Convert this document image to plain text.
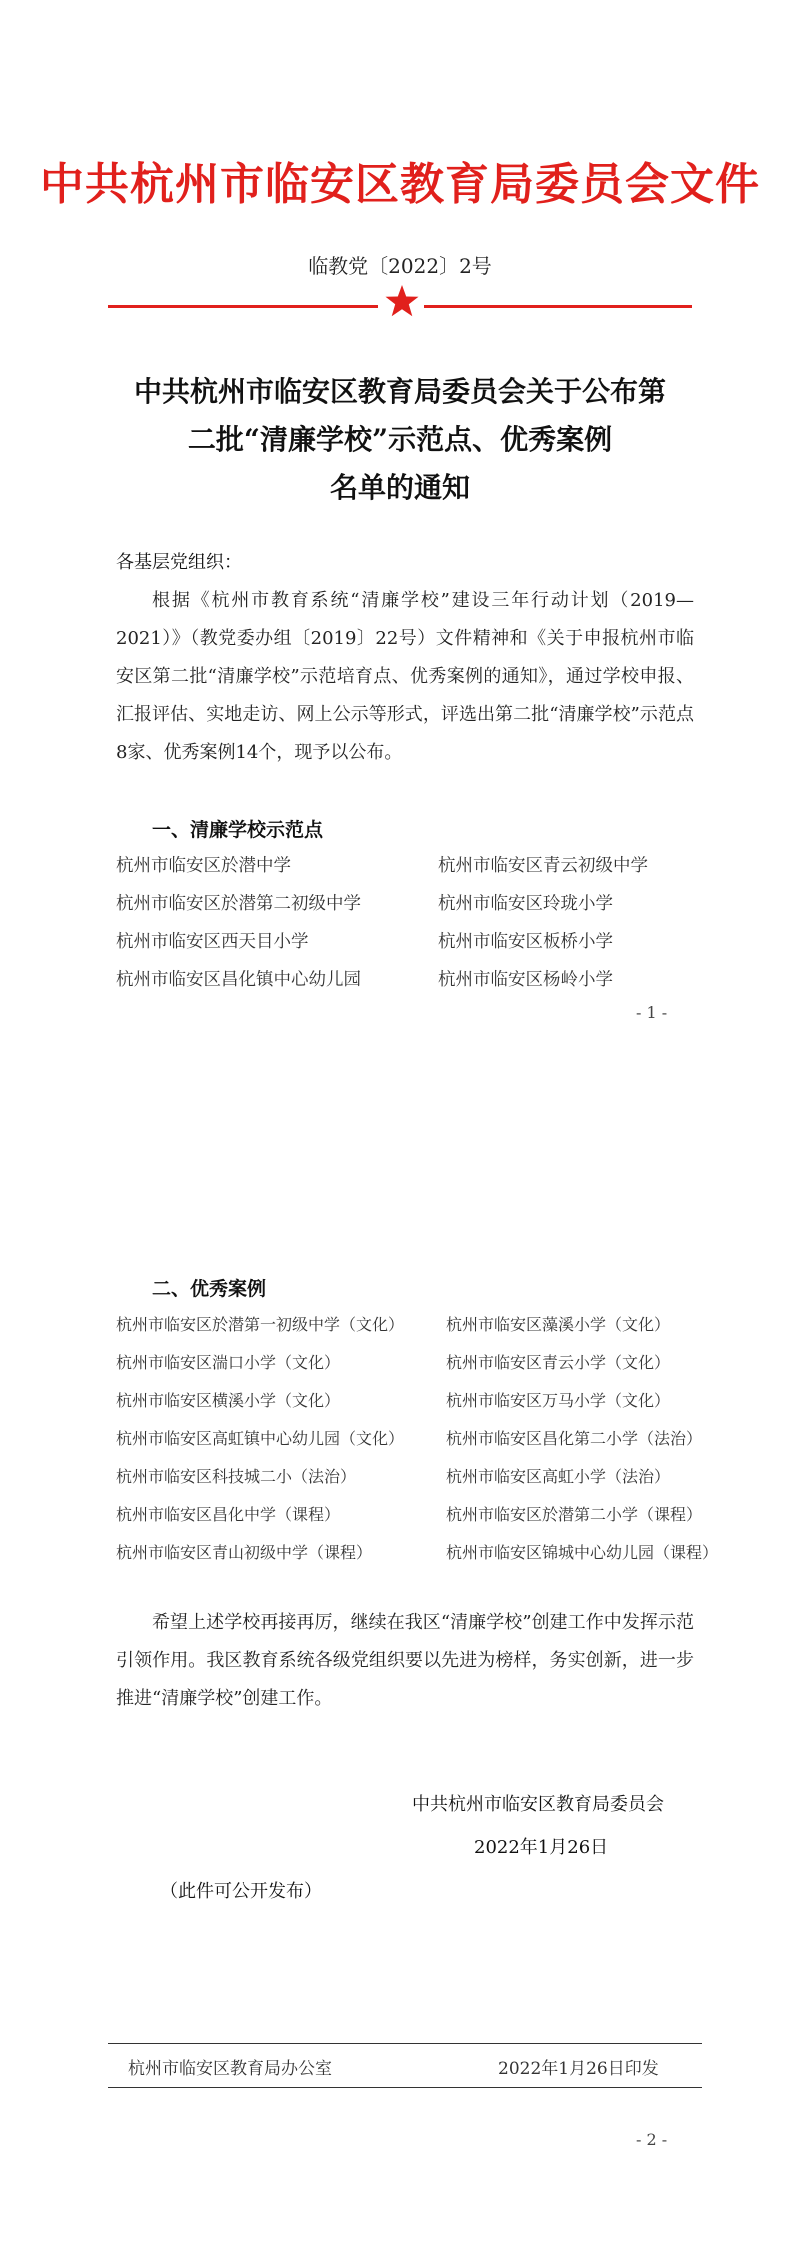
中共杭州市临安区教育局委员会文件
临教党〔2022〕2号
中共杭州市临安区教育局委员会关于公布第
二批“清廉学校”示范点、优秀案例
名单的通知
各基层党组织：
根据《杭州市教育系统“清廉学校”建设三年行动计划（2019—2021）》（教党委办组〔2019〕22号）文件精神和《关于申报杭州市临安区第二批“清廉学校”示范培育点、优秀案例的通知》，通过学校申报、汇报评估、实地走访、网上公示等形式，评选出第二批“清廉学校”示范点8家、优秀案例14个，现予以公布。
一、清廉学校示范点
杭州市临安区於潜中学	杭州市临安区青云初级中学
杭州市临安区於潜第二初级中学	杭州市临安区玲珑小学
杭州市临安区西天目小学	杭州市临安区板桥小学
杭州市临安区昌化镇中心幼儿园	杭州市临安区杨岭小学
- 1 -
二、优秀案例
杭州市临安区於潜第一初级中学（文化）	杭州市临安区藻溪小学（文化）
杭州市临安区湍口小学（文化）	杭州市临安区青云小学（文化）
杭州市临安区横溪小学（文化）	杭州市临安区万马小学（文化）
杭州市临安区高虹镇中心幼儿园（文化）	杭州市临安区昌化第二小学（法治）
杭州市临安区科技城二小（法治）	杭州市临安区高虹小学（法治）
杭州市临安区昌化中学（课程）	杭州市临安区於潜第二小学（课程）
杭州市临安区青山初级中学（课程）	杭州市临安区锦城中心幼儿园（课程）
希望上述学校再接再厉，继续在我区“清廉学校”创建工作中发挥示范引领作用。我区教育系统各级党组织要以先进为榜样，务实创新，进一步推进“清廉学校”创建工作。
中共杭州市临安区教育局委员会
2022年1月26日
（此件可公开发布）
杭州市临安区教育局办公室	2022年1月26日印发
- 2 -
